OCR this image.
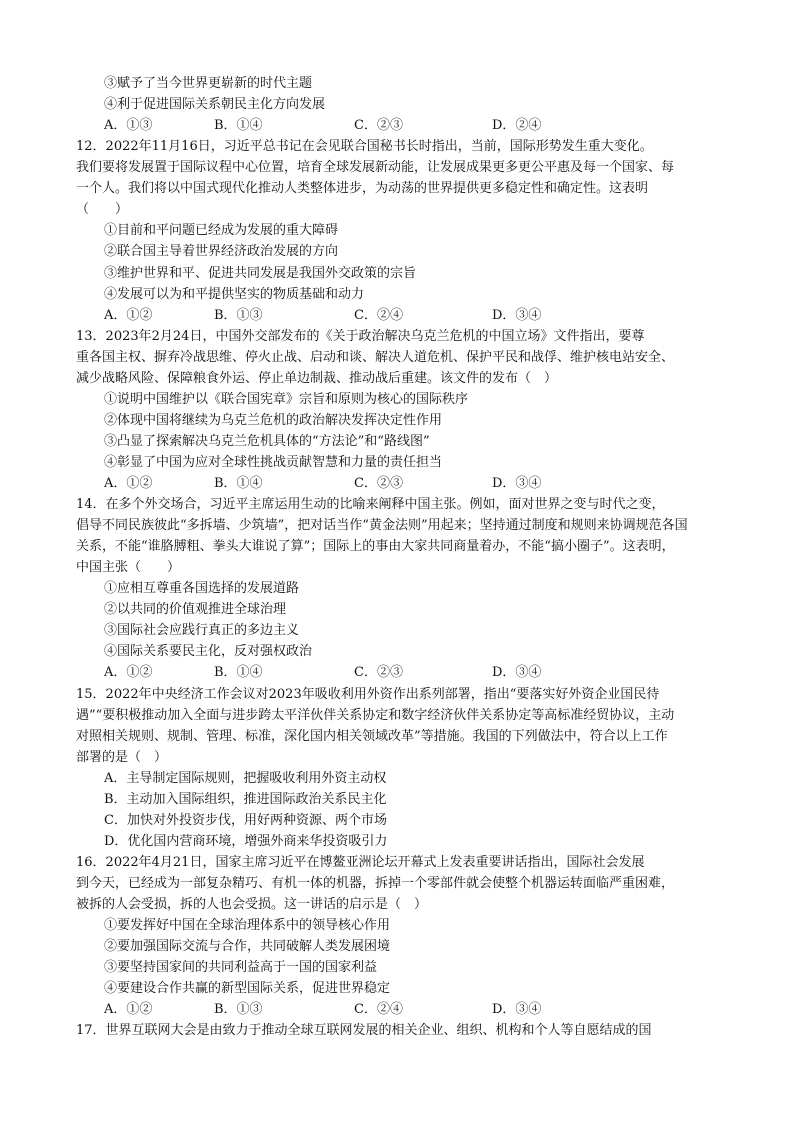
③赋予了当今世界更崭新的时代主题
④利于促进国际关系朝民主化方向发展
A．①③	B．①④	C．②③	D．②④
12．2022年11月16日，习近平总书记在会见联合国秘书长时指出，当前，国际形势发生重大变化。
我们要将发展置于国际议程中心位置，培育全球发展新动能，让发展成果更多更公平惠及每一个国家、每
一个人。我们将以中国式现代化推动人类整体进步，为动荡的世界提供更多稳定性和确定性。这表明
（　　）
①目前和平问题已经成为发展的重大障碍
②联合国主导着世界经济政治发展的方向
③维护世界和平、促进共同发展是我国外交政策的宗旨
④发展可以为和平提供坚实的物质基础和动力
A．①②	B．①③	C．②④	D．③④
13．2023年2月24日，中国外交部发布的《关于政治解决乌克兰危机的中国立场》文件指出，要尊
重各国主权、摒弃冷战思维、停火止战、启动和谈、解决人道危机、保护平民和战俘、维护核电站安全、
减少战略风险、保障粮食外运、停止单边制裁、推动战后重建。该文件的发布（　）
①说明中国维护以《联合国宪章》宗旨和原则为核心的国际秩序
②体现中国将继续为乌克兰危机的政治解决发挥决定性作用
③凸显了探索解决乌克兰危机具体的“方法论”和“路线图”
④彰显了中国为应对全球性挑战贡献智慧和力量的责任担当
A．①②	B．①④	C．②③	D．③④
14．在多个外交场合，习近平主席运用生动的比喻来阐释中国主张。例如，面对世界之变与时代之变，
倡导不同民族彼此“多拆墙、少筑墙”，把对话当作“黄金法则”用起来；坚持通过制度和规则来协调规范各国
关系，不能“谁胳膊粗、拳头大谁说了算”；国际上的事由大家共同商量着办，不能“搞小圈子”。这表明，
中国主张（　　）
①应相互尊重各国选择的发展道路
②以共同的价值观推进全球治理
③国际社会应践行真正的多边主义
④国际关系要民主化，反对强权政治
A．①②	B．①④	C．②③	D．③④
15．2022年中央经济工作会议对2023年吸收利用外资作出系列部署，指出“要落实好外资企业国民待
遇”“要积极推动加入全面与进步跨太平洋伙伴关系协定和数字经济伙伴关系协定等高标准经贸协议，主动
对照相关规则、规制、管理、标准，深化国内相关领域改革”等措施。我国的下列做法中，符合以上工作
部署的是（　）
A．主导制定国际规则，把握吸收利用外资主动权
B．主动加入国际组织，推进国际政治关系民主化
C．加快对外投资步伐，用好两种资源、两个市场
D．优化国内营商环境，增强外商来华投资吸引力
16．2022年4月21日，国家主席习近平在博鳌亚洲论坛开幕式上发表重要讲话指出，国际社会发展
到今天，已经成为一部复杂精巧、有机一体的机器，拆掉一个零部件就会使整个机器运转面临严重困难，
被拆的人会受损，拆的人也会受损。这一讲话的启示是（　）
①要发挥好中国在全球治理体系中的领导核心作用
②要加强国际交流与合作，共同破解人类发展困境
③要坚持国家间的共同利益高于一国的国家利益
④要建设合作共赢的新型国际关系，促进世界稳定
A．①②	B．①③	C．②④	D．③④
17．世界互联网大会是由致力于推动全球互联网发展的相关企业、组织、机构和个人等自愿结成的国
